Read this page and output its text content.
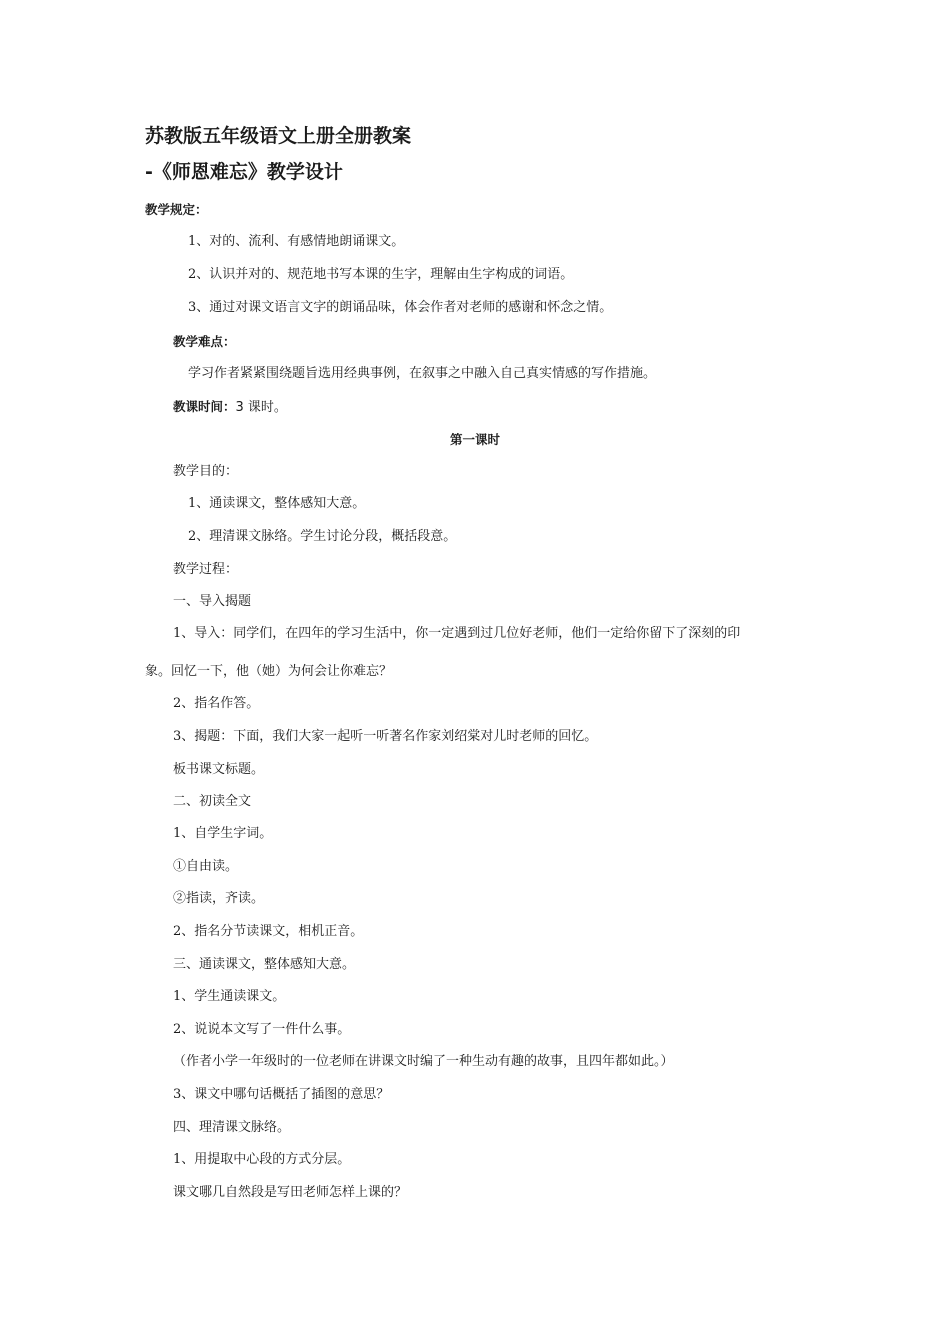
苏教版五年级语文上册全册教案
-《师恩难忘》教学设计
教学规定：
1、对的、流利、有感情地朗诵课文。
2、认识并对的、规范地书写本课的生字，理解由生字构成的词语。
3、通过对课文语言文字的朗诵品味，体会作者对老师的感谢和怀念之情。
教学难点：
学习作者紧紧围绕题旨选用经典事例，在叙事之中融入自己真实情感的写作措施。
教课时间：3 课时。
第一课时
教学目的：
1、通读课文，整体感知大意。
2、理清课文脉络。学生讨论分段，概括段意。
教学过程：
一、导入揭题
1、导入：同学们，在四年的学习生活中，你一定遇到过几位好老师，他们一定给你留下了深刻的印
象。回忆一下，他（她）为何会让你难忘？
2、指名作答。
3、揭题：下面，我们大家一起听一听著名作家刘绍棠对儿时老师的回忆。
板书课文标题。
二、初读全文
1、自学生字词。
①自由读。
②指读，齐读。
2、指名分节读课文，相机正音。
三、通读课文，整体感知大意。
1、学生通读课文。
2、说说本文写了一件什么事。
（作者小学一年级时的一位老师在讲课文时编了一种生动有趣的故事，且四年都如此。）
3、课文中哪句话概括了插图的意思？
四、理清课文脉络。
1、用提取中心段的方式分层。
课文哪几自然段是写田老师怎样上课的？
